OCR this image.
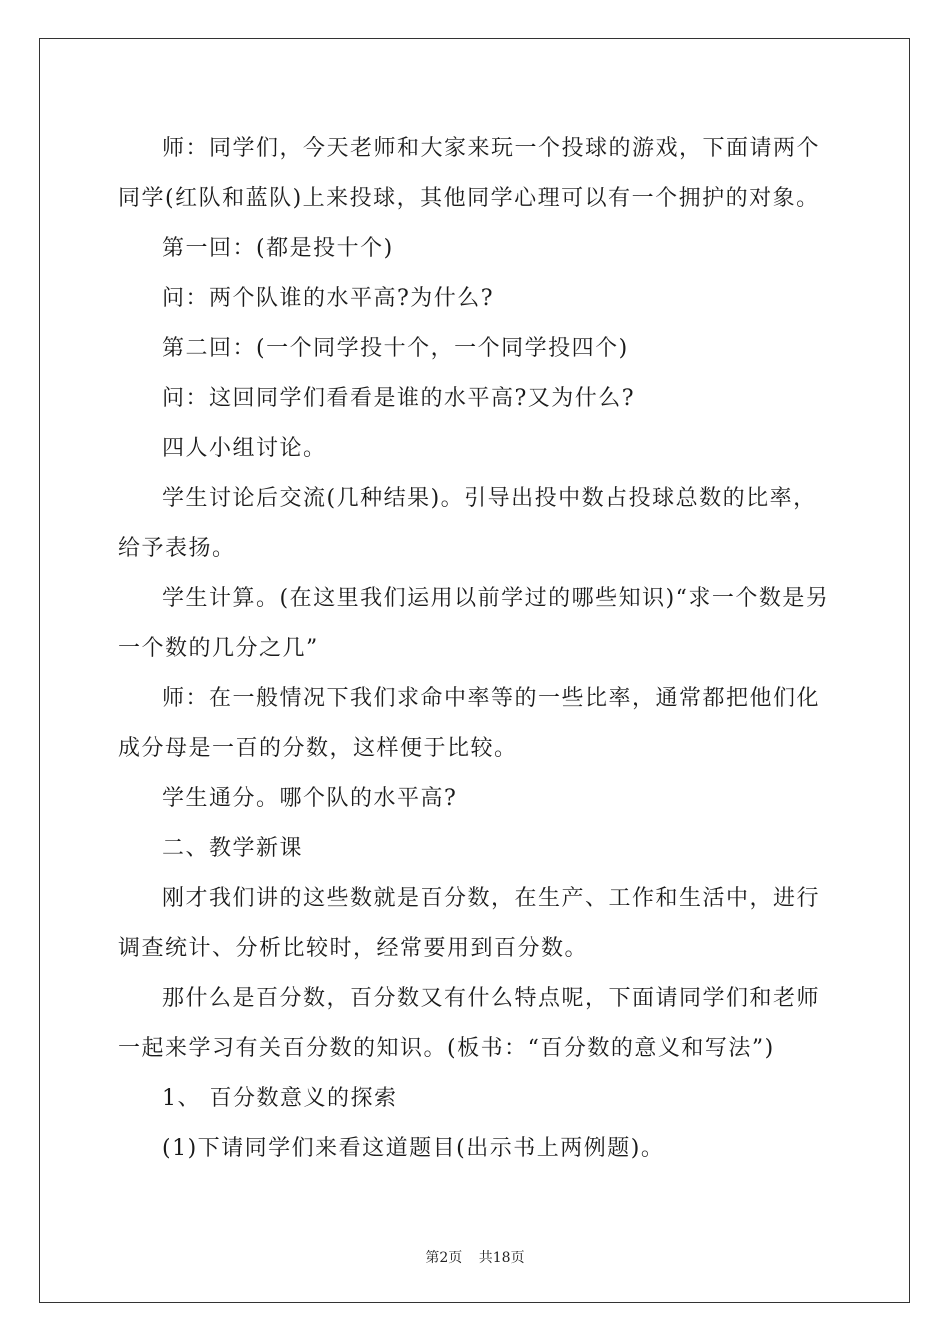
师：同学们，今天老师和大家来玩一个投球的游戏，下面请两个同学(红队和蓝队)上来投球，其他同学心理可以有一个拥护的对象。

第一回：(都是投十个)

问：两个队谁的水平高?为什么?

第二回：(一个同学投十个，一个同学投四个)

问：这回同学们看看是谁的水平高?又为什么?

四人小组讨论。

学生讨论后交流(几种结果)。引导出投中数占投球总数的比率，给予表扬。

学生计算。(在这里我们运用以前学过的哪些知识)“求一个数是另一个数的几分之几”

师：在一般情况下我们求命中率等的一些比率，通常都把他们化成分母是一百的分数，这样便于比较。

学生通分。哪个队的水平高?

二、教学新课

刚才我们讲的这些数就是百分数，在生产、工作和生活中，进行调查统计、分析比较时，经常要用到百分数。

那什么是百分数，百分数又有什么特点呢，下面请同学们和老师一起来学习有关百分数的知识。(板书：“百分数的意义和写法”)

1、 百分数意义的探索

(1)下请同学们来看这道题目(出示书上两例题)。

第2页 共18页
